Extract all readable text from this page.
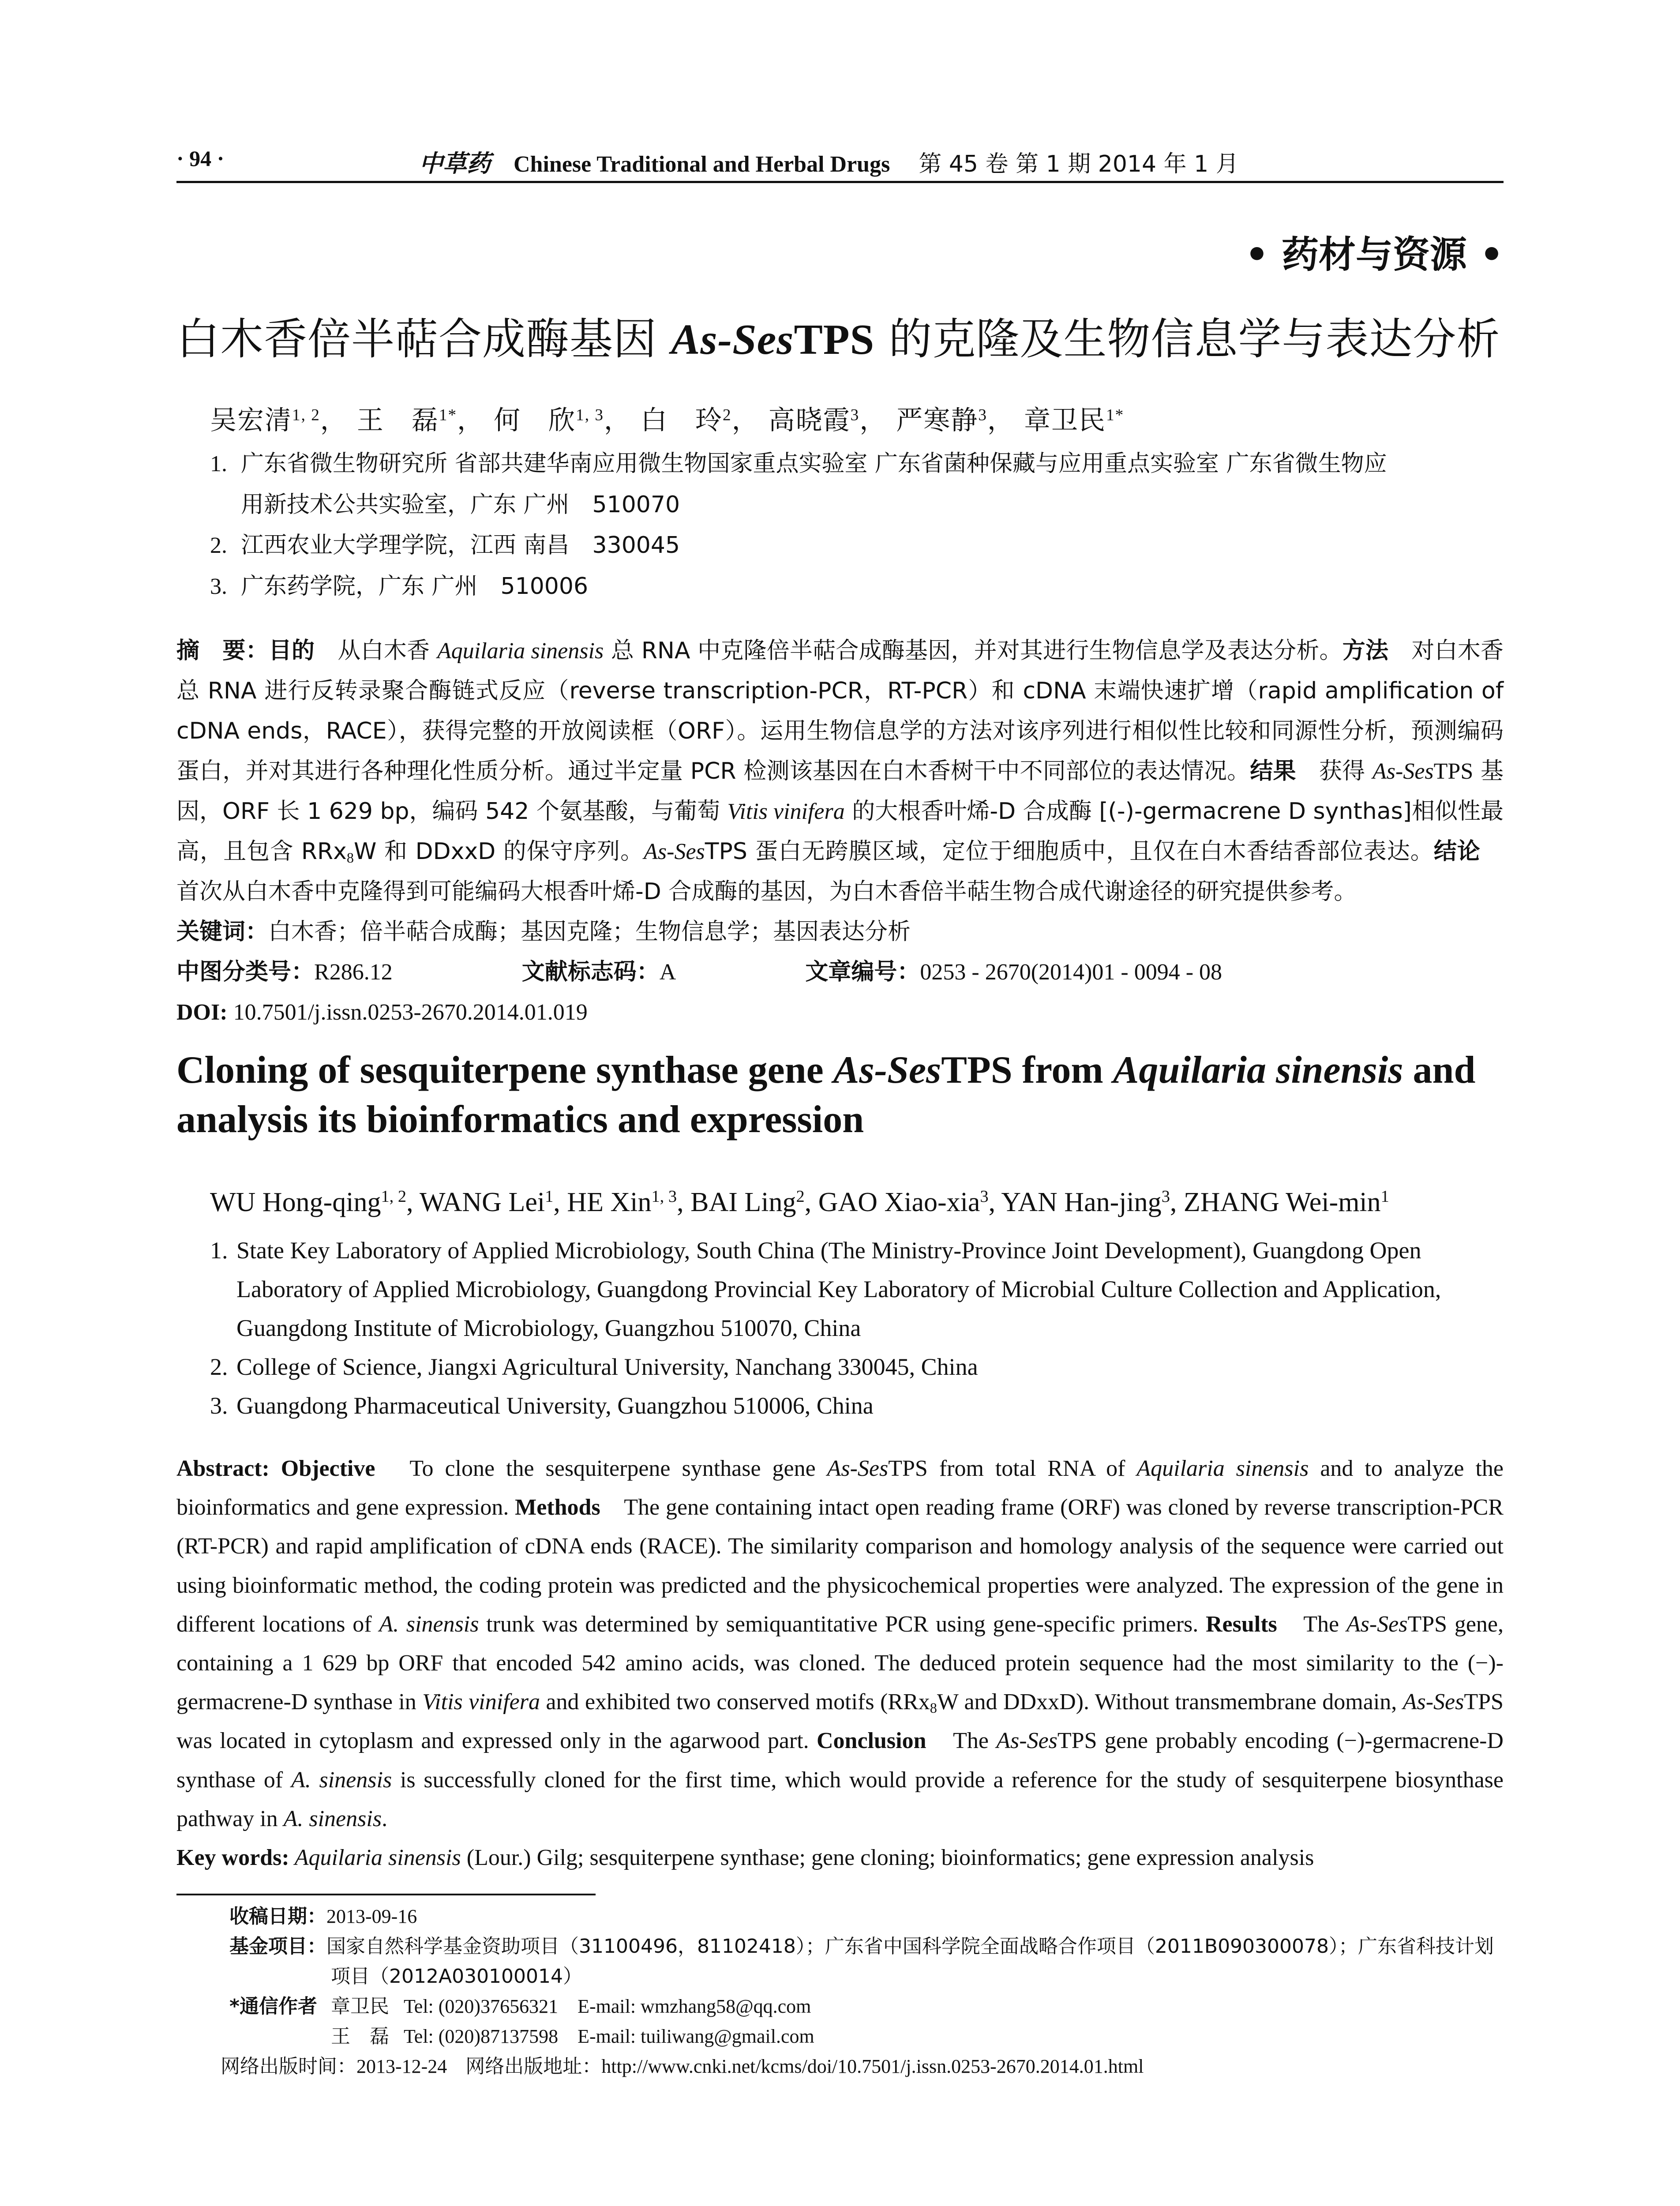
· 94 ·	中草药 Chinese Traditional and Herbal Drugs 第 45 卷 第 1 期 2014 年 1 月
• 药材与资源 •
白木香倍半萜合成酶基因 As-SesTPS 的克隆及生物信息学与表达分析
吴宏清$^{1, 2}$， 王　磊$^{1*}$， 何　欣$^{1, 3}$， 白　玲$^2$， 高晓霞$^3$， 严寒静$^3$， 章卫民$^{1*}$
1. 广东省微生物研究所 省部共建华南应用微生物国家重点实验室 广东省菌种保藏与应用重点实验室 广东省微生物应
用新技术公共实验室，广东 广州　510070
2. 江西农业大学理学院，江西 南昌　330045
3. 广东药学院，广东 广州　510006
摘　要：目的　从白木香 Aquilaria sinensis 总 RNA 中克隆倍半萜合成酶基因，并对其进行生物信息学及表达分析。方法　对白木香总 RNA 进行反转录聚合酶链式反应（reverse transcription-PCR，RT-PCR）和 cDNA 末端快速扩增（rapid amplification of cDNA ends，RACE），获得完整的开放阅读框（ORF）。运用生物信息学的方法对该序列进行相似性比较和同源性分析，预测编码蛋白，并对其进行各种理化性质分析。通过半定量 PCR 检测该基因在白木香树干中不同部位的表达情况。结果　获得 As-SesTPS 基因，ORF 长 1 629 bp，编码 542 个氨基酸，与葡萄 Vitis vinifera 的大根香叶烯-D 合成酶 [(-)-germacrene D synthas]相似性最高，且包含 RRx$_8$W 和 DDxxD 的保守序列。As-SesTPS 蛋白无跨膜区域，定位于细胞质中，且仅在白木香结香部位表达。结论　首次从白木香中克隆得到可能编码大根香叶烯-D 合成酶的基因，为白木香倍半萜生物合成代谢途径的研究提供参考。
关键词：白木香；倍半萜合成酶；基因克隆；生物信息学；基因表达分析
中图分类号：R286.12	文献标志码：A	文章编号：0253 - 2670(2014)01 - 0094 - 08
DOI: 10.7501/j.issn.0253-2670.2014.01.019
Cloning of sesquiterpene synthase gene As-SesTPS from Aquilaria sinensis and analysis its bioinformatics and expression
WU Hong-qing$^{1, 2}$, WANG Lei$^1$, HE Xin$^{1, 3}$, BAI Ling$^2$, GAO Xiao-xia$^3$, YAN Han-jing$^3$, ZHANG Wei-$\min^1$
1. State Key Laboratory of Applied Microbiology, South China (The Ministry-Province Joint Development), Guangdong Open
Laboratory of Applied Microbiology, Guangdong Provincial Key Laboratory of Microbial Culture Collection and Application,
Guangdong Institute of Microbiology, Guangzhou 510070, China
2. College of Science, Jiangxi Agricultural University, Nanchang 330045, China
3. Guangdong Pharmaceutical University, Guangzhou 510006, China
Abstract: Objective　To clone the sesquiterpene synthase gene As-SesTPS from total RNA of Aquilaria sinensis and to analyze the bioinformatics and gene expression. Methods　The gene containing intact open reading frame (ORF) was cloned by reverse transcription-PCR (RT-PCR) and rapid amplification of cDNA ends (RACE). The similarity comparison and homology analysis of the sequence were carried out using bioinformatic method, the coding protein was predicted and the physicochemical properties were analyzed. The expression of the gene in different locations of A. sinensis trunk was determined by semiquantitative PCR using gene-specific primers. Results　The As-SesTPS gene, containing a 1 629 bp ORF that encoded 542 amino acids, was cloned. The deduced protein sequence had the most similarity to the (−)-germacrene-D synthase in Vitis vinifera and exhibited two conserved motifs (RRx$_8$W and DDxxD). Without transmembrane domain, As-SesTPS was located in cytoplasm and expressed only in the agarwood part. Conclusion　The As-SesTPS gene probably encoding (−)-germacrene-D synthase of A. sinensis is successfully cloned for the first time, which would provide a reference for the study of sesquiterpene biosynthase pathway in A. sinensis.
Key words: Aquilaria sinensis (Lour.) Gilg; sesquiterpene synthase; gene cloning; bioinformatics; gene expression analysis
收稿日期：2013-09-16
基金项目：国家自然科学基金资助项目（31100496，81102418）；广东省中国科学院全面战略合作项目（2011B090300078）；广东省科技计划
项目（2012A030100014）
*通信作者 章卫民 Tel: (020)37656321　E-mail: wmzhang58@qq.com
王　磊 Tel: (020)87137598　E-mail: tuiliwang@gmail.com
网络出版时间：2013-12-24 网络出版地址：http://www.cnki.net/kcms/doi/10.7501/j.issn.0253-2670.2014.01.html
